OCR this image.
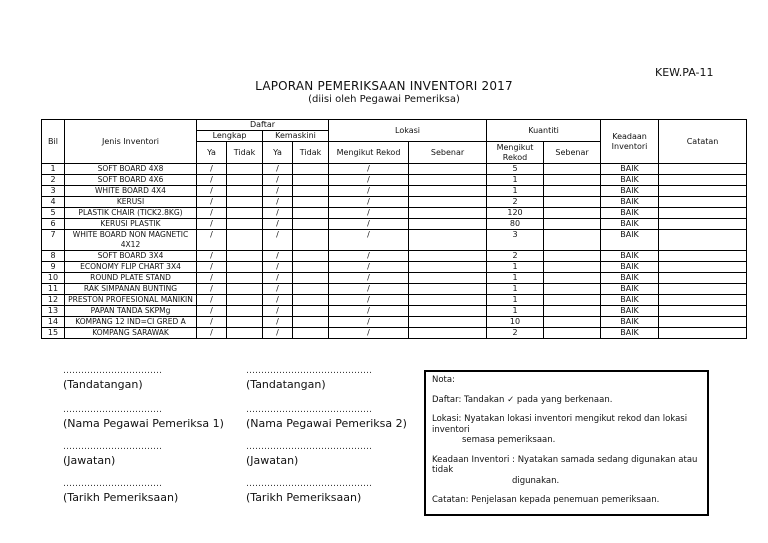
KEW.PA-11
LAPORAN PEMERIKSAAN INVENTORI 2017
(diisi oleh Pegawai Pemeriksa)
Bil	Jenis Inventori	Daftar				Lokasi		Kuantiti		Keadaan Inventori	Catatan
		Lengkap		Kemaskini							
		Ya	Tidak	Ya	Tidak	Mengikut Rekod	Sebenar	Mengikut Rekod	Sebenar		
1	SOFT BOARD 4X8	/		/		/		5		BAIK	
2	SOFT BOARD 4X6	/		/		/		1		BAIK	
3	WHITE BOARD 4X4	/		/		/		1		BAIK	
4	KERUSI	/		/		/		2		BAIK	
5	PLASTIK CHAIR (TICK2.8KG)	/		/		/		120		BAIK	
6	KERUSI PLASTIK	/		/		/		80		BAIK	
7	WHITE BOARD NON MAGNETIC 4X12	/		/		/		3		BAIK	
8	SOFT BOARD 3X4	/		/		/		2		BAIK	
9	ECONOMY FLIP CHART 3X4	/		/		/		1		BAIK	
10	ROUND PLATE STAND	/		/		/		1		BAIK	
11	RAK SIMPANAN BUNTING	/		/		/		1		BAIK	
12	PRESTON PROFESIONAL MANIKIN	/		/		/		1		BAIK	
13	PAPAN TANDA SKPMg	/		/		/		1		BAIK	
14	KOMPANG 12 IND=CI GRED A	/		/		/		10		BAIK	
15	KOMPANG SARAWAK	/		/		/		2		BAIK	
……………………………
(Tandatangan)
……………………………
(Nama Pegawai Pemeriksa 1)
……………………………
(Jawatan)
……………………………
(Tarikh Pemeriksaan)
……………………………………
(Tandatangan)
……………………………………
(Nama Pegawai Pemeriksa 2)
……………………………………
(Jawatan)
……………………………………
(Tarikh Pemeriksaan)

Nota:

Daftar: Tandakan ✓ pada yang berkenaan.

Lokasi: Nyatakan lokasi inventori mengikut rekod dan lokasi inventori
semasa pemeriksaan.

Keadaan Inventori : Nyatakan samada sedang digunakan atau tidak
digunakan.

Catatan: Penjelasan kepada penemuan pemeriksaan.
